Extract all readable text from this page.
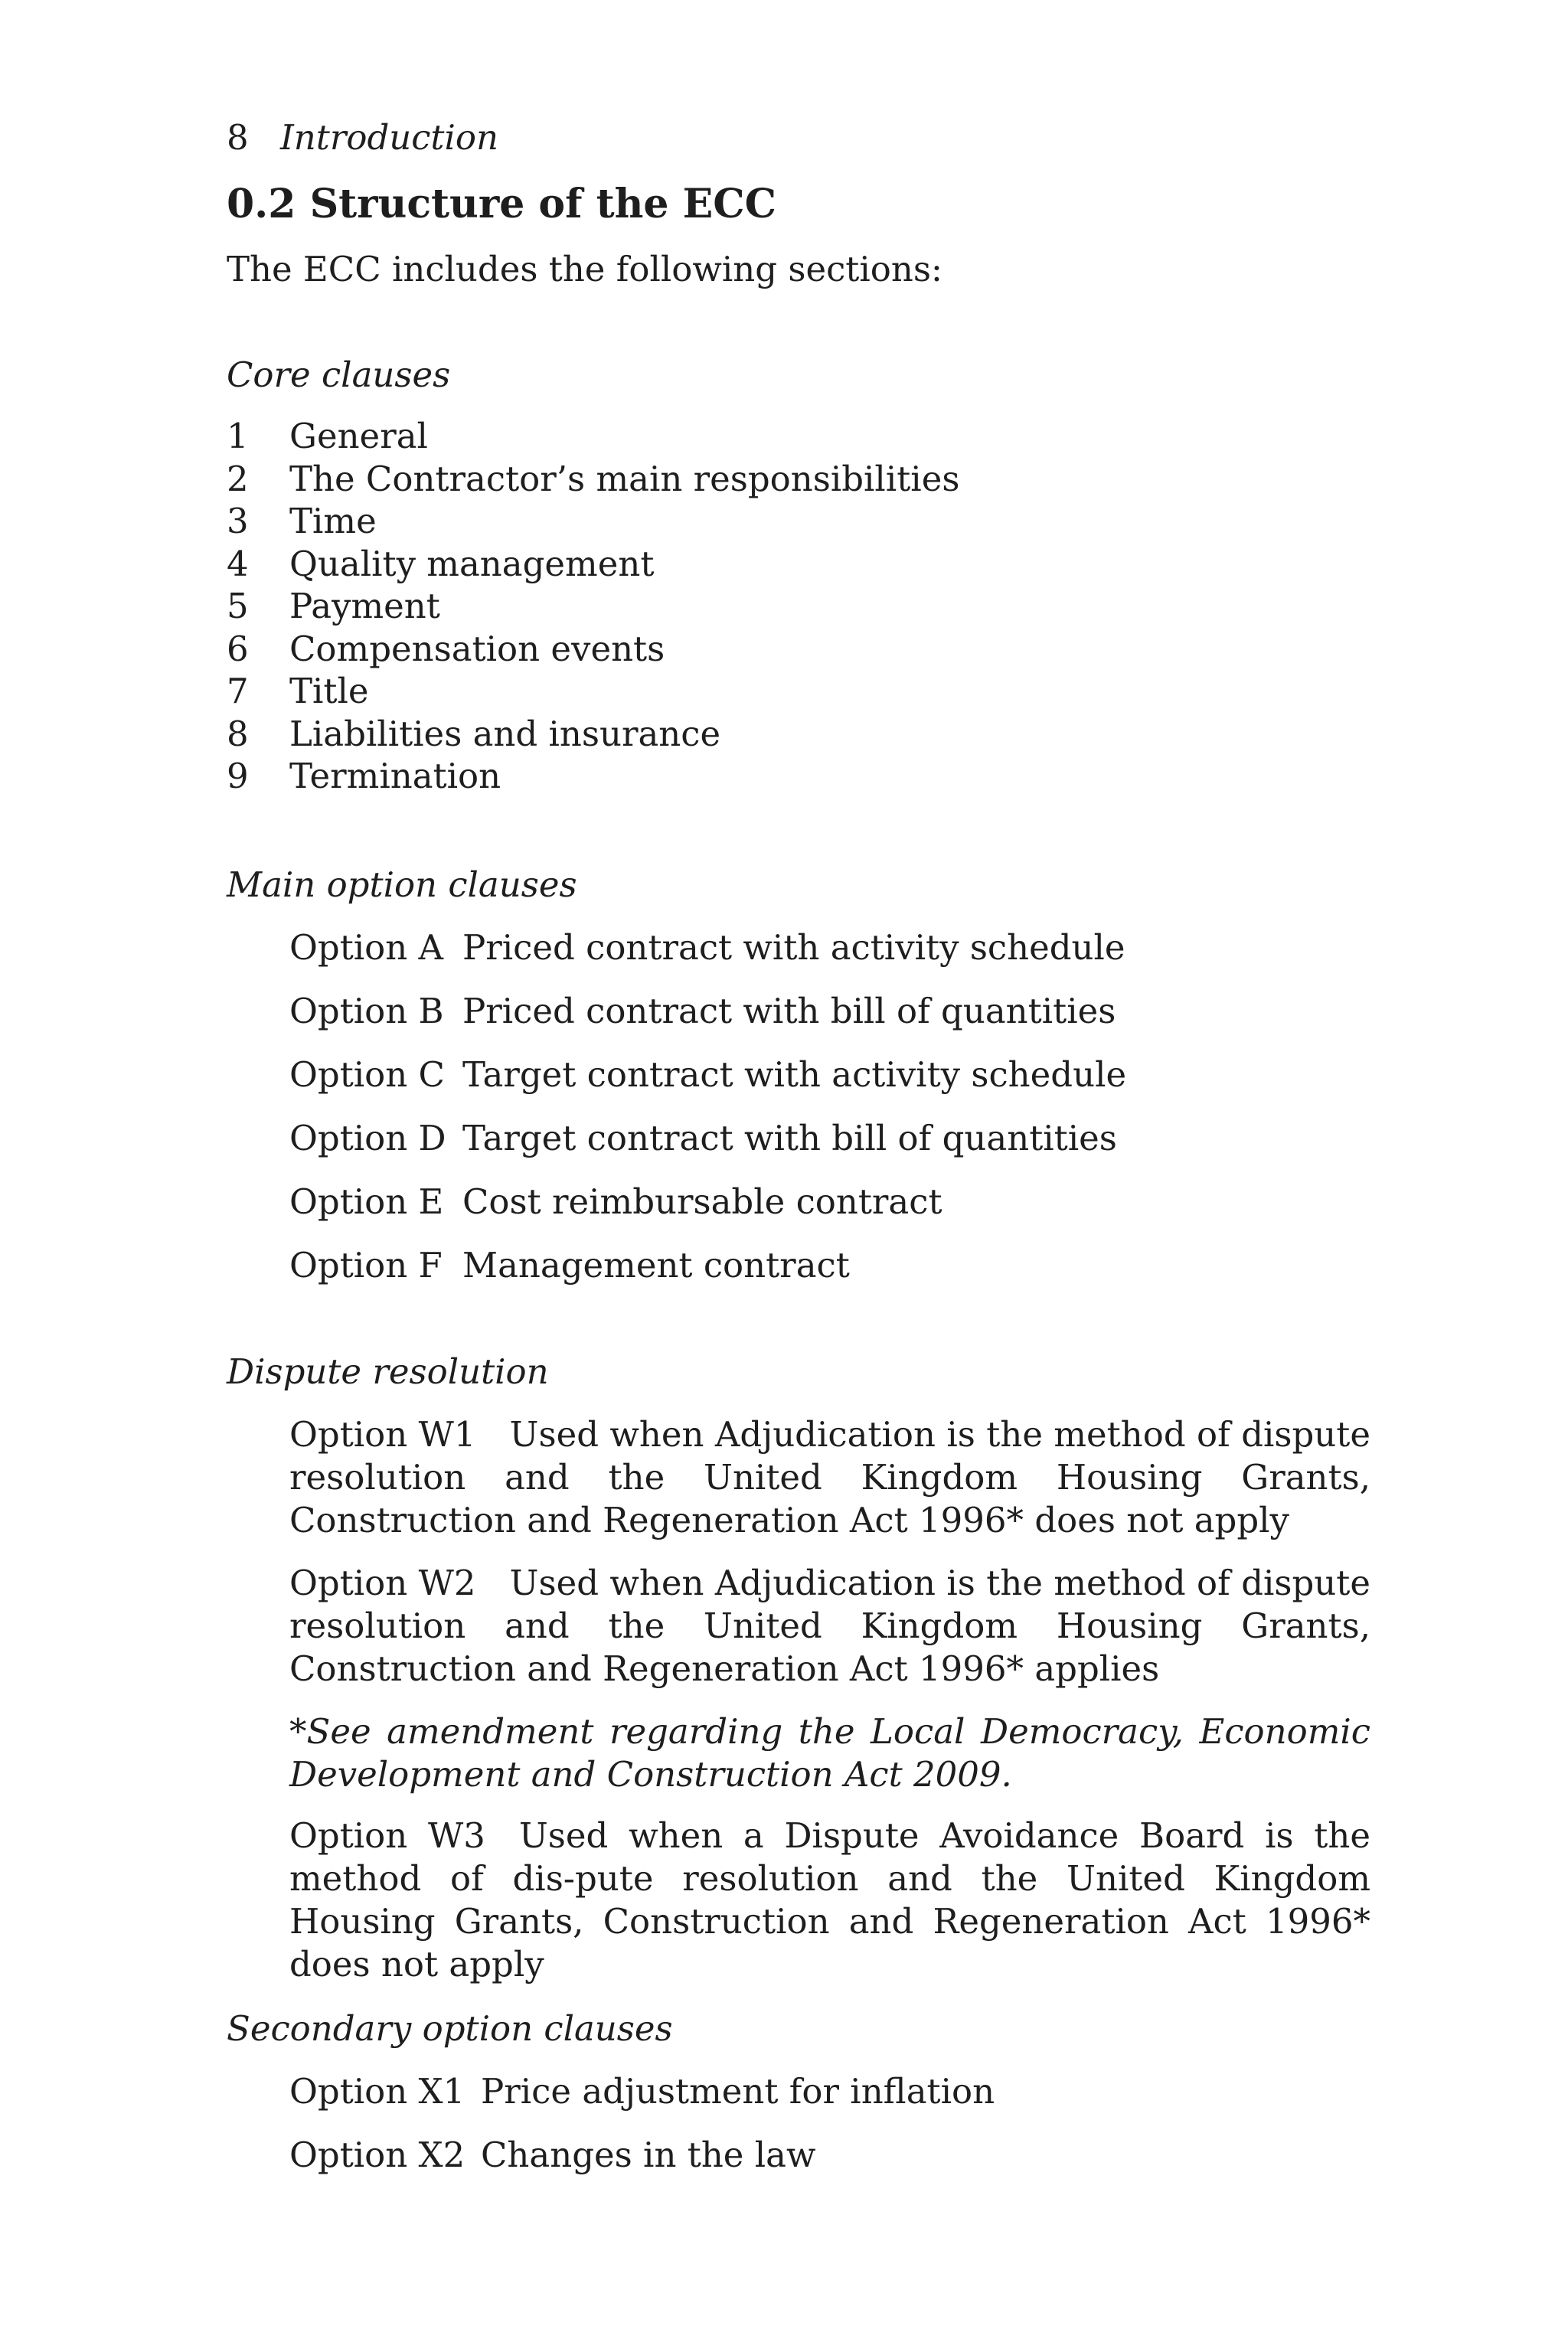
8 Introduction
0.2 Structure of the ECC
The ECC includes the following sections:
Core clauses
1 General
2 The Contractor’s main responsibilities
3 Time
4 Quality management
5 Payment
6 Compensation events
7 Title
8 Liabilities and insurance
9 Termination
Main option clauses
Option A Priced contract with activity schedule
Option B Priced contract with bill of quantities
Option C Target contract with activity schedule
Option D Target contract with bill of quantities
Option E Cost reimbursable contract
Option F Management contract
Dispute resolution
Option W1 Used when Adjudication is the method of dispute resolution and the United Kingdom Housing Grants, Construction and Regeneration Act 1996* does not apply
Option W2 Used when Adjudication is the method of dispute resolution and the United Kingdom Housing Grants, Construction and Regeneration Act 1996* applies
*See amendment regarding the Local Democracy, Economic Development and Construction Act 2009.
Option W3 Used when a Dispute Avoidance Board is the method of dis-pute resolution and the United Kingdom Housing Grants, Construction and Regeneration Act 1996* does not apply
Secondary option clauses
Option X1 Price adjustment for inflation
Option X2 Changes in the law
